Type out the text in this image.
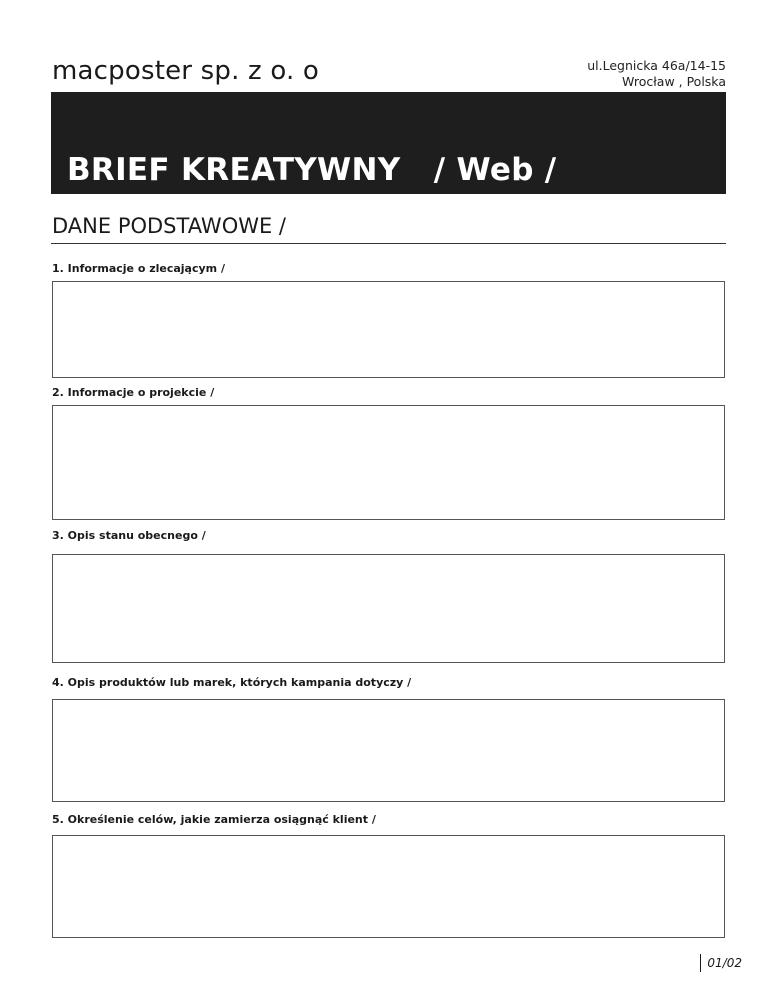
macposter sp. z o. o	ul.Legnicka 46a/14-15
Wrocław , Polska
BRIEF KREATYWNY   / Web /
DANE PODSTAWOWE /
1. Informacje o zlecającym /
2. Informacje o projekcie /
3. Opis stanu obecnego /
4. Opis produktów lub marek, których kampania dotyczy /
5. Określenie celów, jakie zamierza osiągnąć klient /
01/02
